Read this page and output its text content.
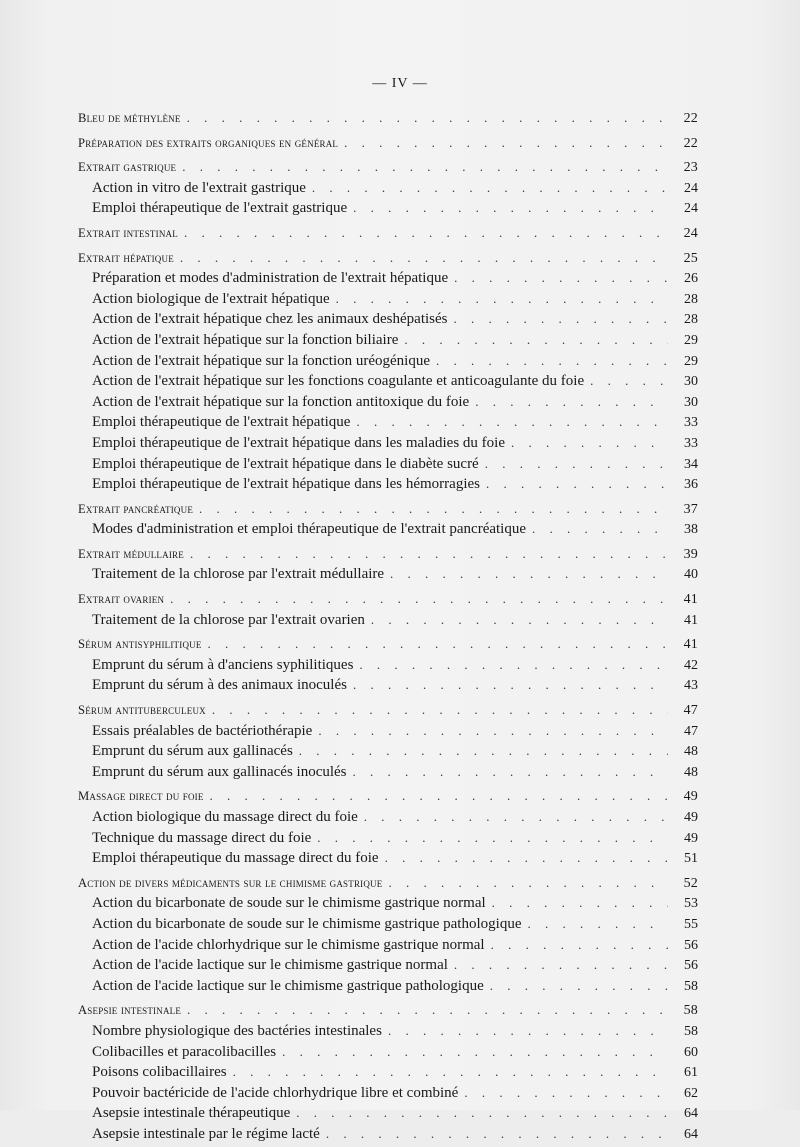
— IV —
Bleu de méthylène . . .	22
Préparation des extraits organiques en général . . .	22
Extrait gastrique . . .	23
Action in vitro de l'extrait gastrique . . .	24
Emploi thérapeutique de l'extrait gastrique . . .	24
Extrait intestinal . . .	24
Extrait hépatique . . .	25
Préparation et modes d'administration de l'extrait hépatique . . .	26
Action biologique de l'extrait hépatique . . .	28
Action de l'extrait hépatique chez les animaux deshépatisés . . .	28
Action de l'extrait hépatique sur la fonction biliaire . . .	29
Action de l'extrait hépatique sur la fonction uréogénique . . .	29
Action de l'extrait hépatique sur les fonctions coagulante et anticoagulante du foie . . .	30
Action de l'extrait hépatique sur la fonction antitoxique du foie . . .	30
Emploi thérapeutique de l'extrait hépatique . . .	33
Emploi thérapeutique de l'extrait hépatique dans les maladies du foie . . .	33
Emploi thérapeutique de l'extrait hépatique dans le diabète sucré . . .	34
Emploi thérapeutique de l'extrait hépatique dans les hémorragies . . .	36
Extrait pancréatique . . .	37
Modes d'administration et emploi thérapeutique de l'extrait pancréatique . . .	38
Extrait médullaire . . .	39
Traitement de la chlorose par l'extrait médullaire . . .	40
Extrait ovarien . . .	41
Traitement de la chlorose par l'extrait ovarien . . .	41
Sérum antisyphilitique . . .	41
Emprunt du sérum à d'anciens syphilitiques . . .	42
Emprunt du sérum à des animaux inoculés . . .	43
Sérum antituberculeux . . .	47
Essais préalables de bactériothérapie . . .	47
Emprunt du sérum aux gallinacés . . .	48
Emprunt du sérum aux gallinacés inoculés . . .	48
Massage direct du foie . . .	49
Action biologique du massage direct du foie . . .	49
Technique du massage direct du foie . . .	49
Emploi thérapeutique du massage direct du foie . . .	51
Action de divers médicaments sur le chimisme gastrique . . .	52
Action du bicarbonate de soude sur le chimisme gastrique normal . . .	53
Action du bicarbonate de soude sur le chimisme gastrique pathologique . . .	55
Action de l'acide chlorhydrique sur le chimisme gastrique normal . . .	56
Action de l'acide lactique sur le chimisme gastrique normal . . .	56
Action de l'acide lactique sur le chimisme gastrique pathologique . . .	58
Asepsie intestinale . . .	58
Nombre physiologique des bactéries intestinales . . .	58
Colibacilles et paracolibacilles . . .	60
Poisons colibacillaires . . .	61
Pouvoir bactéricide de l'acide chlorhydrique libre et combiné . . .	62
Asepsie intestinale thérapeutique . . .	64
Asepsie intestinale par le régime lacté . . .	64
